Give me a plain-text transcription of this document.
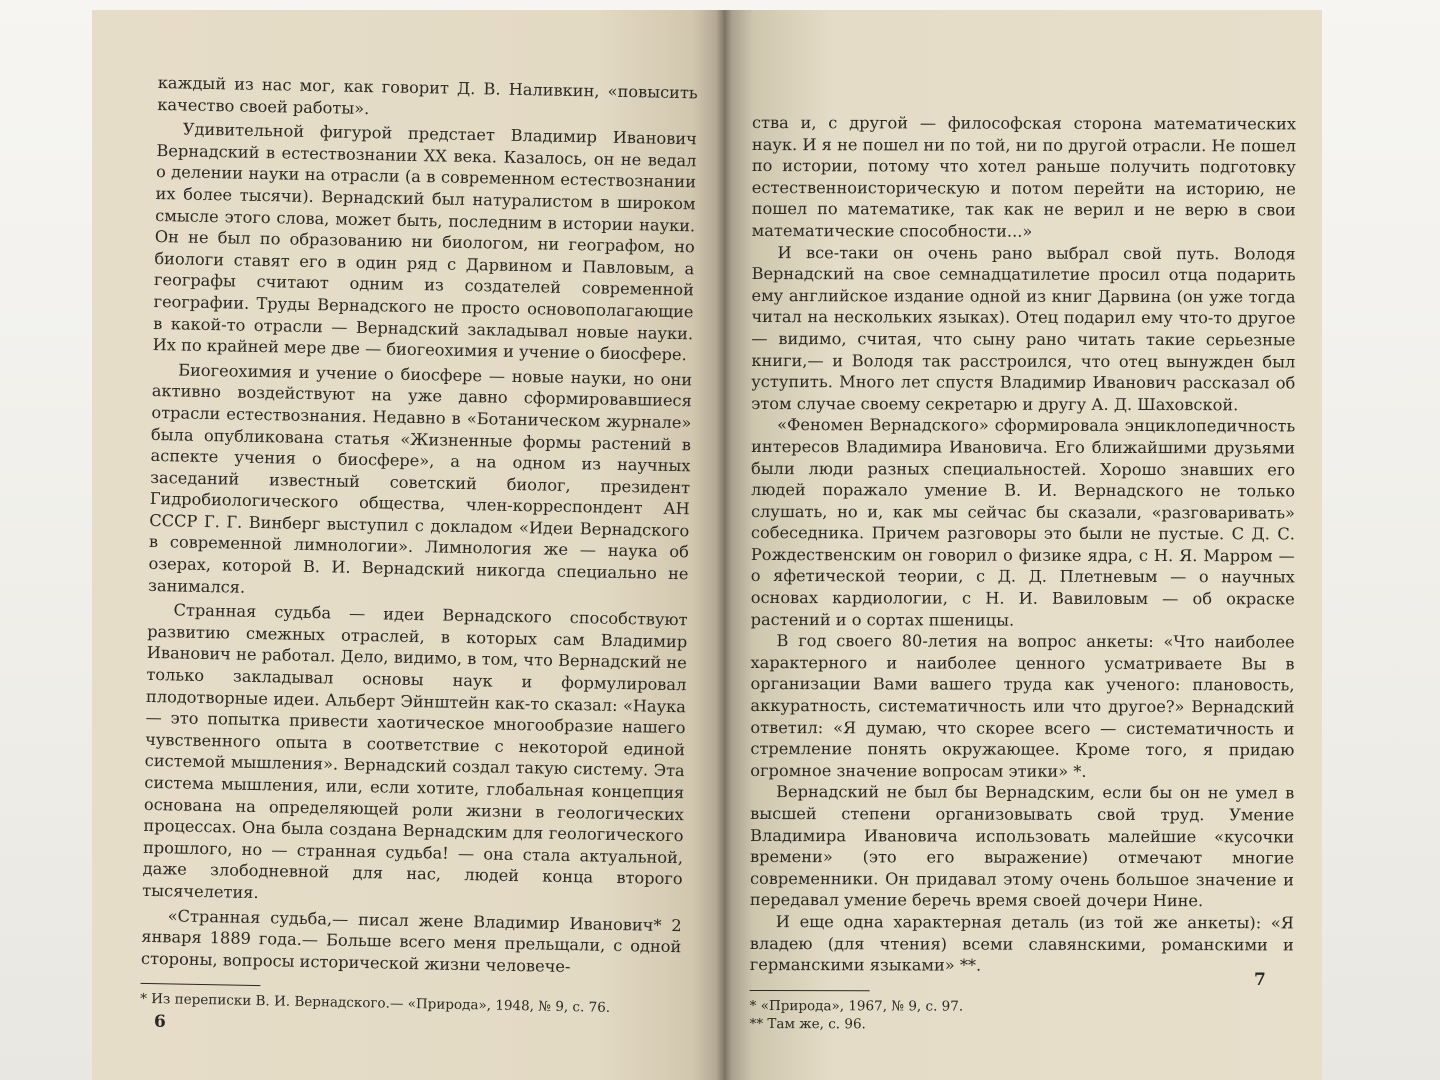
каждый из нас мог, как говорит Д. В. Наливкин, «повысить качество своей работы».

Удивительной фигурой предстает Владимир Иванович Вернадский в естествознании XX века. Казалось, он не ведал о делении науки на отрасли (а в современном естествознании их более тысячи). Вернадский был натуралистом в широком смысле этого слова, может быть, последним в истории науки. Он не был по образованию ни биологом, ни географом, но биологи ставят его в один ряд с Дарвином и Павловым, а географы считают одним из создателей современной географии. Труды Вернадского не просто основополагающие в какой-то отрасли — Вернадский закладывал новые науки. Их по крайней мере две — биогеохимия и учение о биосфере.

Биогеохимия и учение о биосфере — новые науки, но они активно воздействуют на уже давно сформировавшиеся отрасли естествознания. Недавно в «Ботаническом журнале» была опубликована статья «Жизненные формы растений в аспекте учения о биосфере», а на одном из научных заседаний известный советский биолог, президент Гидробиологического общества, член-корреспондент АН СССР Г. Г. Винберг выступил с докладом «Идеи Вернадского в современной лимнологии». Лимнология же — наука об озерах, которой В. И. Вернадский никогда специально не занимался.

Странная судьба — идеи Вернадского способствуют развитию смежных отраслей, в которых сам Владимир Иванович не работал. Дело, видимо, в том, что Вернадский не только закладывал основы наук и формулировал плодотворные идеи. Альберт Эйнштейн как-то сказал: «Наука — это попытка привести хаотическое многообразие нашего чувственного опыта в соответствие с некоторой единой системой мышления». Вернадский создал такую систему. Эта система мышления, или, если хотите, глобальная концепция основана на определяющей роли жизни в геологических процессах. Она была создана Вернадским для геологического прошлого, но — странная судьба! — она стала актуальной, даже злободневной для нас, людей конца второго тысячелетия.

«Странная судьба,— писал жене Владимир Иванович* 2 января 1889 года.— Больше всего меня прельщали, с одной стороны, вопросы исторической жизни человече-

* Из переписки В. И. Вернадского.— «Природа», 1948, № 9, с. 76.

6

ства и, с другой — философская сторона математических наук. И я не пошел ни по той, ни по другой отрасли. Не пошел по истории, потому что хотел раньше получить подготовку естественноисторическую и потом перейти на историю, не пошел по математике, так как не верил и не верю в свои математические способности...»

И все-таки он очень рано выбрал свой путь. Володя Вернадский на свое семнадцатилетие просил отца подарить ему английское издание одной из книг Дарвина (он уже тогда читал на нескольких языках). Отец подарил ему что-то другое — видимо, считая, что сыну рано читать такие серьезные книги,— и Володя так расстроился, что отец вынужден был уступить. Много лет спустя Владимир Иванович рассказал об этом случае своему секретарю и другу А. Д. Шаховской.

«Феномен Вернадского» сформировала энциклопедичность интересов Владимира Ивановича. Его ближайшими друзьями были люди разных специальностей. Хорошо знавших его людей поражало умение В. И. Вернадского не только слушать, но и, как мы сейчас бы сказали, «разговаривать» собеседника. Причем разговоры это были не пустые. С Д. С. Рождественским он говорил о физике ядра, с Н. Я. Марром — о яфетической теории, с Д. Д. Плетневым — о научных основах кардиологии, с Н. И. Вавиловым — об окраске растений и о сортах пшеницы.

В год своего 80-летия на вопрос анкеты: «Что наиболее характерного и наиболее ценного усматриваете Вы в организации Вами вашего труда как ученого: плановость, аккуратность, систематичность или что другое?» Вернадский ответил: «Я думаю, что скорее всего — систематичность и стремление понять окружающее. Кроме того, я придаю огромное значение вопросам этики» *.

Вернадский не был бы Вернадским, если бы он не умел в высшей степени организовывать свой труд. Умение Владимира Ивановича использовать малейшие «кусочки времени» (это его выражение) отмечают многие современники. Он придавал этому очень большое значение и передавал умение беречь время своей дочери Нине.

И еще одна характерная деталь (из той же анкеты): «Я владею (для чтения) всеми славянскими, романскими и германскими языками» **.

* «Природа», 1967, № 9, с. 97.

** Там же, с. 96.

7
